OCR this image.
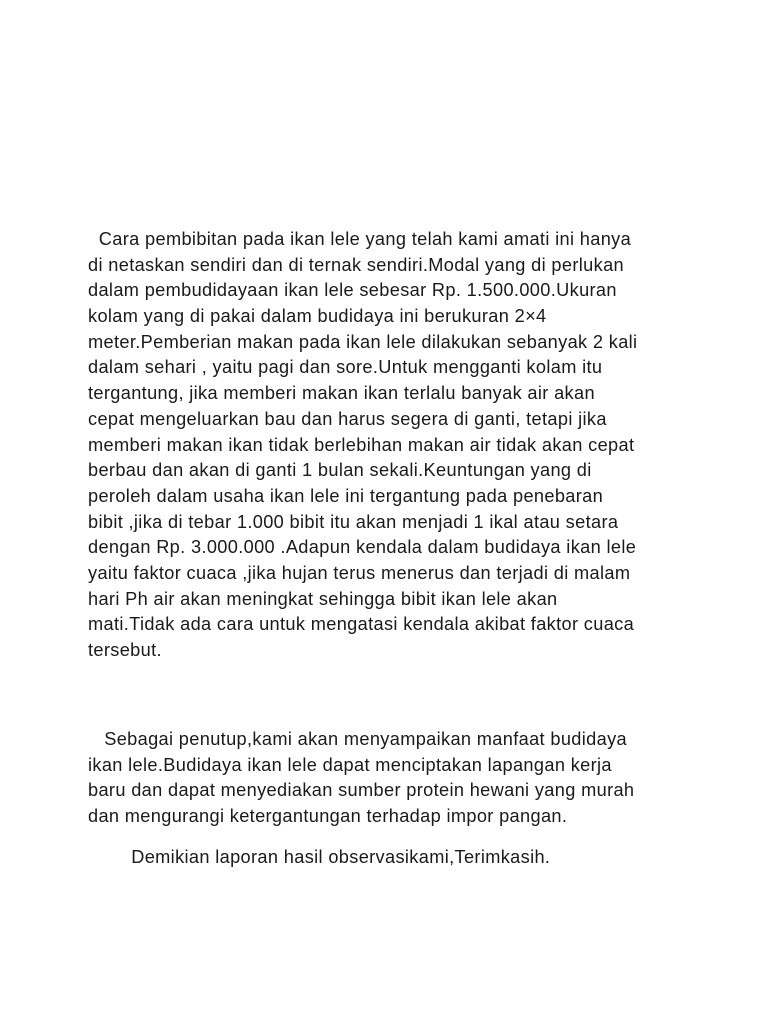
Cara pembibitan pada ikan lele yang telah kami amati ini hanya
di netaskan sendiri dan di ternak sendiri.Modal yang di perlukan
dalam pembudidayaan ikan lele sebesar Rp. 1.500.000.Ukuran
kolam yang di pakai dalam budidaya ini berukuran 2×4
meter.Pemberian makan pada ikan lele dilakukan sebanyak 2 kali
dalam sehari , yaitu pagi dan sore.Untuk mengganti kolam itu
tergantung, jika memberi makan ikan terlalu banyak air akan
cepat mengeluarkan bau dan harus segera di ganti, tetapi jika
memberi makan ikan tidak berlebihan makan air tidak akan cepat
berbau dan akan di ganti 1 bulan sekali.Keuntungan yang di
peroleh dalam usaha ikan lele ini tergantung pada penebaran
bibit ,jika di tebar 1.000 bibit itu akan menjadi 1 ikal atau setara
dengan Rp. 3.000.000 .Adapun kendala dalam budidaya ikan lele
yaitu faktor cuaca ,jika hujan terus menerus dan terjadi di malam
hari Ph air akan meningkat sehingga bibit ikan lele akan
mati.Tidak ada cara untuk mengatasi kendala akibat faktor cuaca
tersebut.
Sebagai penutup,kami akan menyampaikan manfaat budidaya
ikan lele.Budidaya ikan lele dapat menciptakan lapangan kerja
baru dan dapat menyediakan sumber protein hewani yang murah
dan mengurangi ketergantungan terhadap impor pangan.
Demikian laporan hasil observasikami,Terimkasih.
